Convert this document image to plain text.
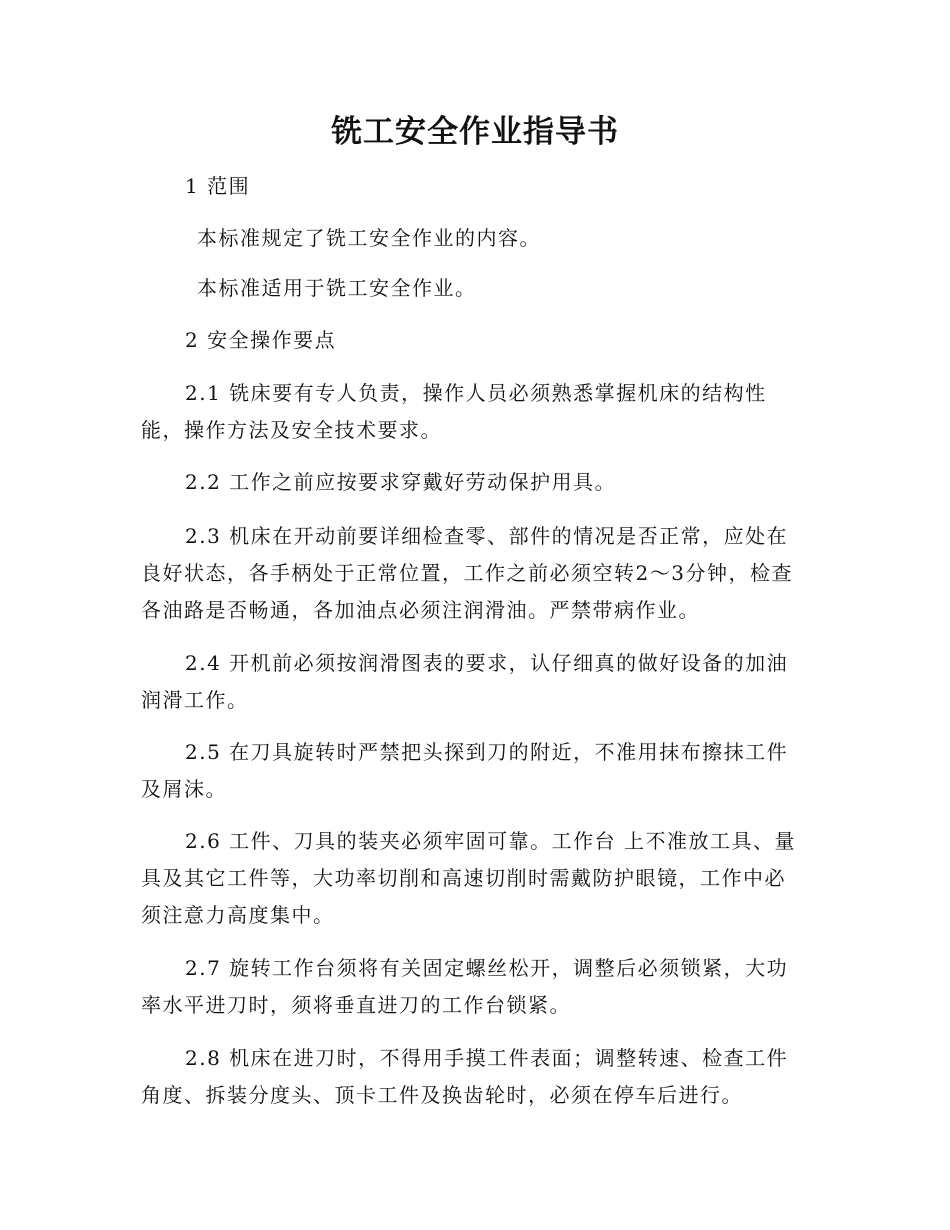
铣工安全作业指导书

1 范围

本标准规定了铣工安全作业的内容。

本标准适用于铣工安全作业。

2 安全操作要点

2.1 铣床要有专人负责，操作人员必须熟悉掌握机床的结构性
能，操作方法及安全技术要求。

2.2 工作之前应按要求穿戴好劳动保护用具。

2.3 机床在开动前要详细检查零、部件的情况是否正常，应处在
良好状态，各手柄处于正常位置，工作之前必须空转2～3分钟，检查
各油路是否畅通，各加油点必须注润滑油。严禁带病作业。

2.4 开机前必须按润滑图表的要求，认仔细真的做好设备的加油
润滑工作。

2.5 在刀具旋转时严禁把头探到刀的附近，不准用抹布擦抹工件
及屑沫。

2.6 工件、刀具的装夹必须牢固可靠。工作台 上不准放工具、量
具及其它工件等，大功率切削和高速切削时需戴防护眼镜，工作中必
须注意力高度集中。

2.7 旋转工作台须将有关固定螺丝松开，调整后必须锁紧，大功
率水平进刀时，须将垂直进刀的工作台锁紧。

2.8 机床在进刀时，不得用手摸工件表面；调整转速、检查工件
角度、拆装分度头、顶卡工件及换齿轮时，必须在停车后进行。
